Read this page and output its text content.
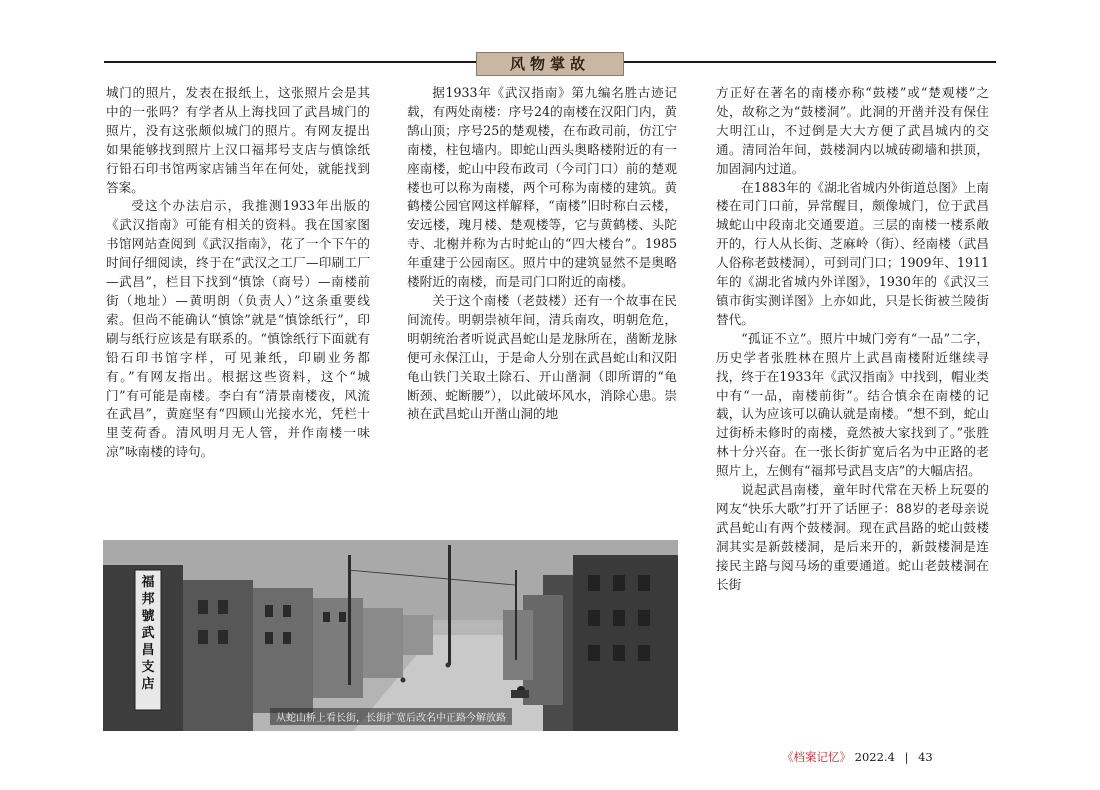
风物掌故

城门的照片，发表在报纸上，这张照片会是其中的一张吗？有学者从上海找回了武昌城门的照片，没有这张颇似城门的照片。有网友提出如果能够找到照片上汉口福邦号支店与慎馀纸行铅石印书馆两家店铺当年在何处，就能找到答案。

受这个办法启示，我推测1933年出版的《武汉指南》可能有相关的资料。我在国家图书馆网站查阅到《武汉指南》，花了一个下午的时间仔细阅读，终于在“武汉之工厂—印刷工厂—武昌”，栏目下找到“慎馀（商号）—南楼前街（地址）—黄明朗（负责人）”这条重要线索。但尚不能确认“慎馀”就是“慎馀纸行”，印刷与纸行应该是有联系的。“慎馀纸行下面就有铅石印书馆字样，可见兼纸，印刷业务都有。”有网友指出。根据这些资料，这个“城门”有可能是南楼。李白有“清景南楼夜，风流在武昌”，黄庭坚有“四顾山光接水光，凭栏十里芰荷香。清风明月无人管，并作南楼一味凉”咏南楼的诗句。

据1933年《武汉指南》第九编名胜古迹记载，有两处南楼：序号24的南楼在汉阳门内，黄鹄山顶；序号25的楚观楼，在布政司前，仿江宁南楼，柱包墙内。即蛇山西头奥略楼附近的有一座南楼，蛇山中段布政司（今司门口）前的楚观楼也可以称为南楼，两个可称为南楼的建筑。黄鹤楼公园官网这样解释，“南楼”旧时称白云楼，安远楼，瑰月楼、楚观楼等，它与黄鹤楼、头陀寺、北榭并称为古时蛇山的“四大楼台”。1985年重建于公园南区。照片中的建筑显然不是奥略楼附近的南楼，而是司门口附近的南楼。

关于这个南楼（老鼓楼）还有一个故事在民间流传。明朝崇祯年间，清兵南攻，明朝危危，明朝统治者听说武昌蛇山是龙脉所在，凿断龙脉便可永保江山，于是命人分别在武昌蛇山和汉阳龟山铁门关取土除石、开山凿洞（即所谓的“龟断颈、蛇断腰”），以此破坏风水，消除心患。崇祯在武昌蛇山开凿山洞的地

方正好在著名的南楼亦称“鼓楼”或“楚观楼”之处，故称之为“鼓楼洞”。此洞的开凿并没有保住大明江山，不过倒是大大方便了武昌城内的交通。清同治年间，鼓楼洞内以城砖砌墙和拱顶，加固洞内过道。

在1883年的《湖北省城内外街道总图》上南楼在司门口前，异常醒目，颇像城门，位于武昌城蛇山中段南北交通要道。三层的南楼一楼系敞开的，行人从长街、芝麻岭（街）、经南楼（武昌人俗称老鼓楼洞），可到司门口；1909年、1911年的《湖北省城内外详图》，1930年的《武汉三镇市街实测详图》上亦如此，只是长街被兰陵街替代。

“孤证不立”。照片中城门旁有“一品”二字，历史学者张胜林在照片上武昌南楼附近继续寻找，终于在1933年《武汉指南》中找到，帽业类中有“一品，南楼前街”。结合慎余在南楼的记载，认为应该可以确认就是南楼。“想不到，蛇山过街桥未修时的南楼，竟然被大家找到了。”张胜林十分兴奋。在一张长街扩宽后名为中正路的老照片上，左侧有“福邦号武昌支店”的大幅店招。

说起武昌南楼，童年时代常在天桥上玩耍的网友“快乐大歌”打开了话匣子：88岁的老母亲说武昌蛇山有两个鼓楼洞。现在武昌路的蛇山鼓楼洞其实是新鼓楼洞，是后来开的，新鼓楼洞是连接民主路与阅马场的重要通道。蛇山老鼓楼洞在长街

福邦號武昌支店
从蛇山桥上看长街，长街扩宽后改名中正路今解放路
《档案记忆》 2022.4 | 43
